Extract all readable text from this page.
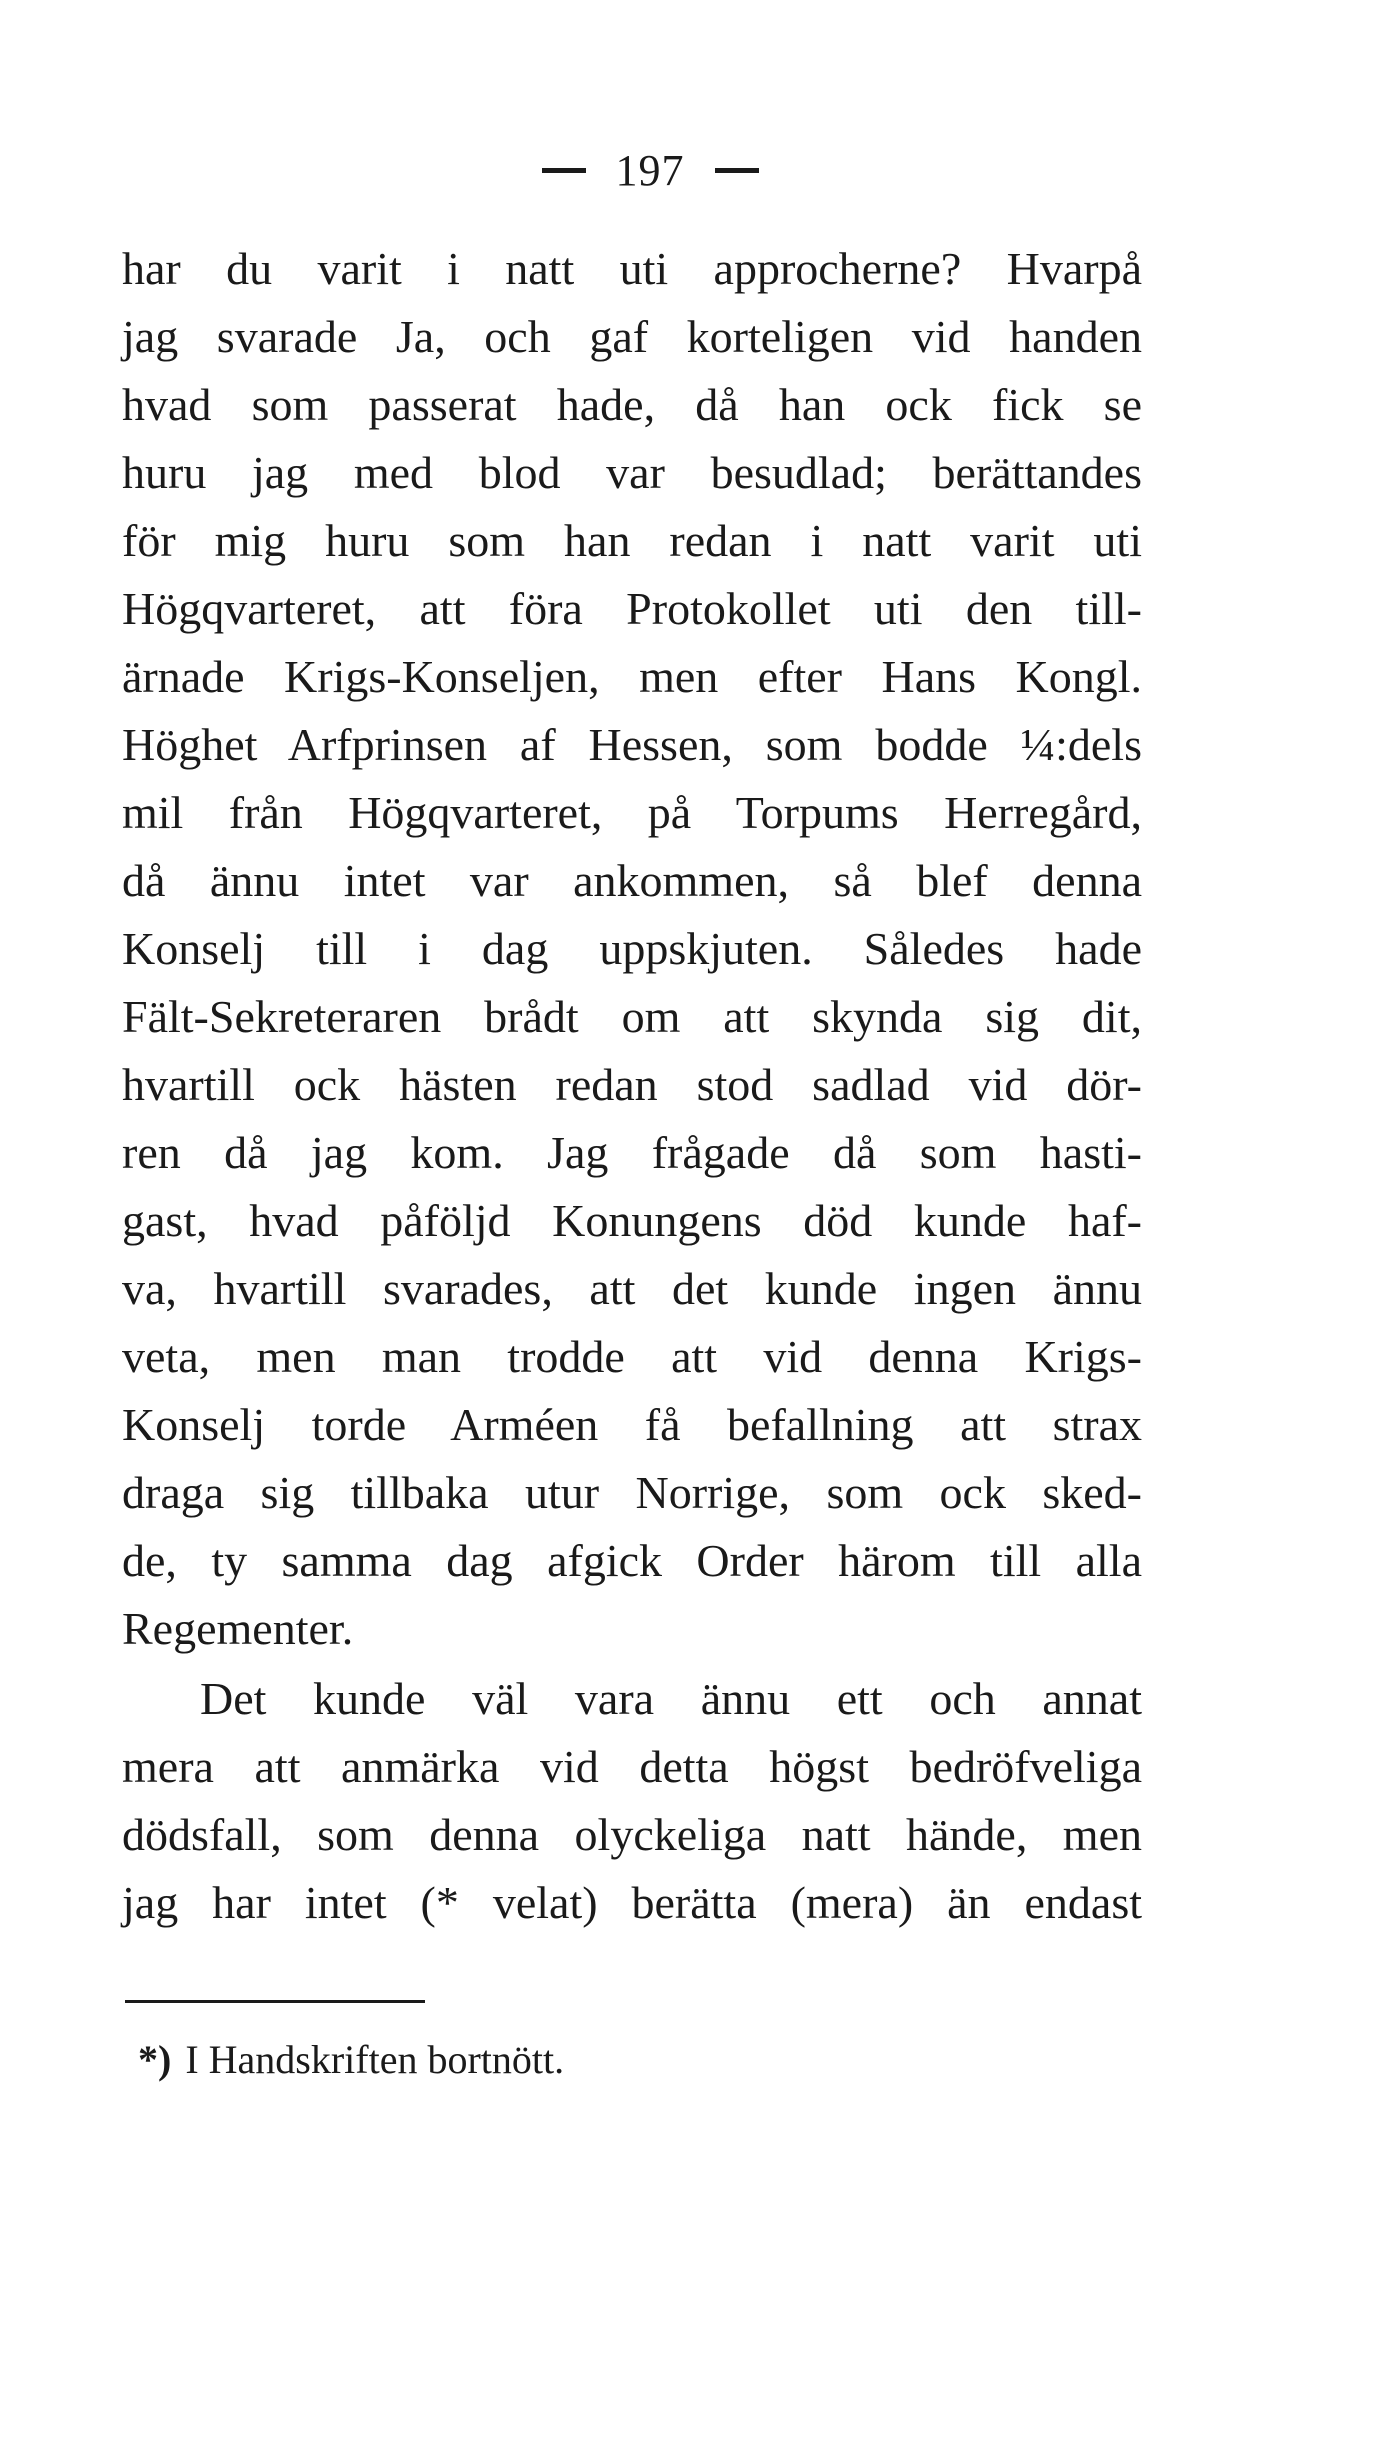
197
har du varit i natt uti approcherne? Hvarpå
jag svarade Ja, och gaf korteligen vid handen
hvad som passerat hade, då han ock fick se
huru jag med blod var besudlad; berättandes
för mig huru som han redan i natt varit uti
Högqvarteret, att föra Protokollet uti den till-
ärnade Krigs-Konseljen, men efter Hans Kongl.
Höghet Arfprinsen af Hessen, som bodde ¼:dels
mil från Högqvarteret, på Torpums Herregård,
då ännu intet var ankommen, så blef denna
Konselj till i dag uppskjuten. Således hade
Fält-Sekreteraren brådt om att skynda sig dit,
hvartill ock hästen redan stod sadlad vid dör-
ren då jag kom. Jag frågade då som hasti-
gast, hvad påföljd Konungens död kunde haf-
va, hvartill svarades, att det kunde ingen ännu
veta, men man trodde att vid denna Krigs-
Konselj torde Arméen få befallning att strax
draga sig tillbaka utur Norrige, som ock sked-
de, ty samma dag afgick Order härom till alla
Regementer.
Det kunde väl vara ännu ett och annat
mera att anmärka vid detta högst bedröfveliga
dödsfall, som denna olyckeliga natt hände, men
jag har intet (* velat) berätta (mera) än endast
*) I Handskriften bortnött.
